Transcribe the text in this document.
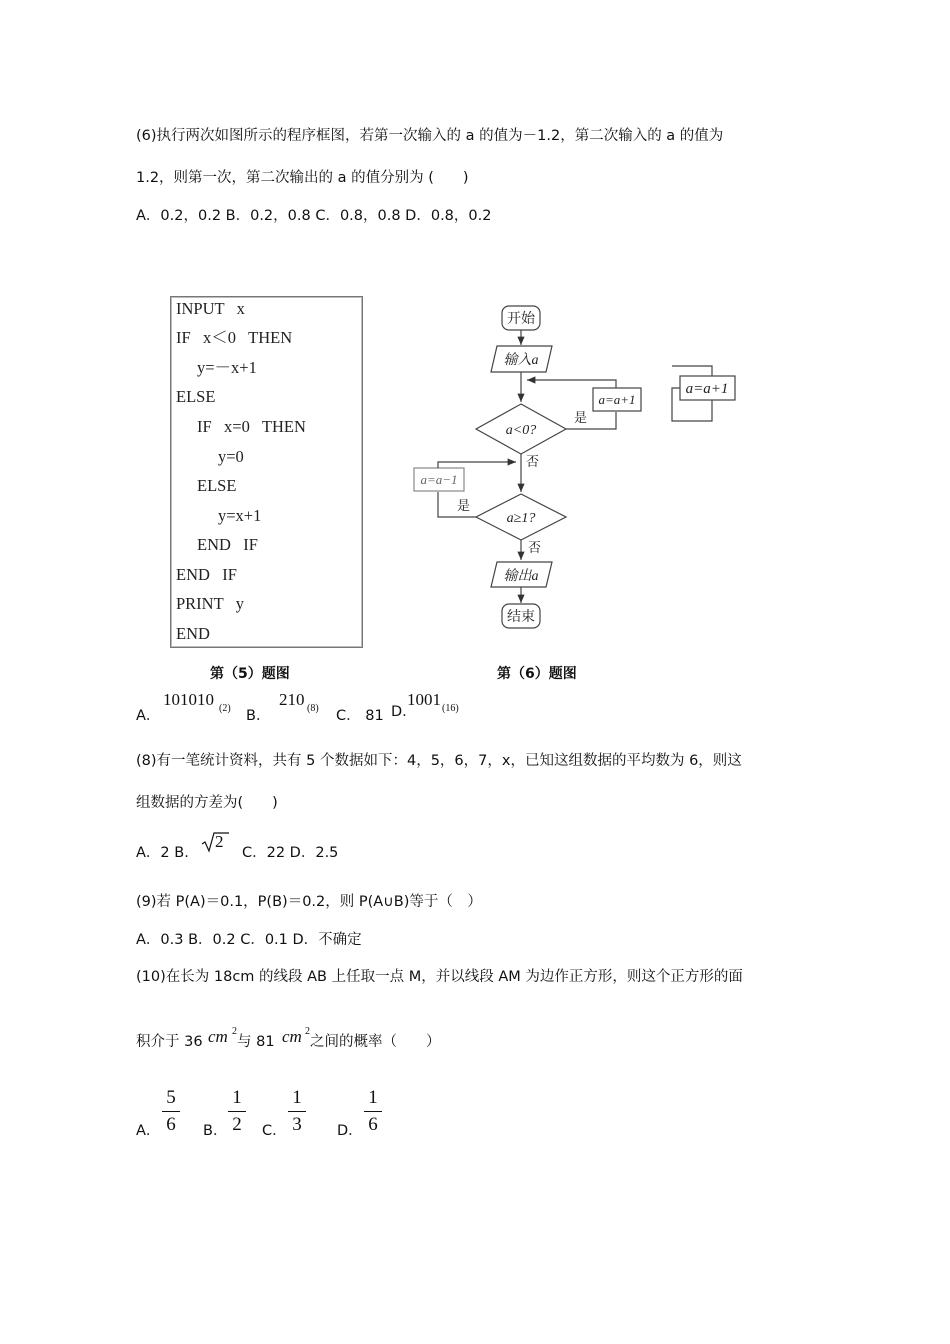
(6)执行两次如图所示的程序框图，若第一次输入的 a 的值为－1.2，第二次输入的 a 的值为
1.2，则第一次，第二次输出的 a 的值分别为 (　　)
A．0.2，0.2 B．0.2，0.8 C．0.8，0.8 D．0.8，0.2
INPUT   x
IF   x＜0   THEN
y=－x+1
ELSE
IF   x=0   THEN
y=0
ELSE
y=x+1
END   IF
END   IF
PRINT   y
END
开始
输入a
a<0?
a=a+1
是
否
a=a−1
是
a≥1?
否
输出a
结束
a=a+1
第（5）题图	第（6）题图
A．
101010 (2) B．
210 (8) C． 81 D.
1001 (16)
(8)有一笔统计资料，共有 5 个数据如下：4，5，6，7，x，已知这组数据的平均数为 6，则这
组数据的方差为(　　)
A．2 B.
2
C．22 D．2.5
(9)若 P(A)＝0.1，P(B)＝0.2，则 P(A∪B)等于（　）
A．0.3 B．0.2 C．0.1 D．不确定
(10)在长为 18cm 的线段 AB 上任取一点 M，并以线段 AM 为边作正方形，则这个正方形的面
积介于 36 cm 2
与 81 cm 2
之间的概率（　　）
A．
5
6 B．
1
2 C．
1
3 D．
1
6
